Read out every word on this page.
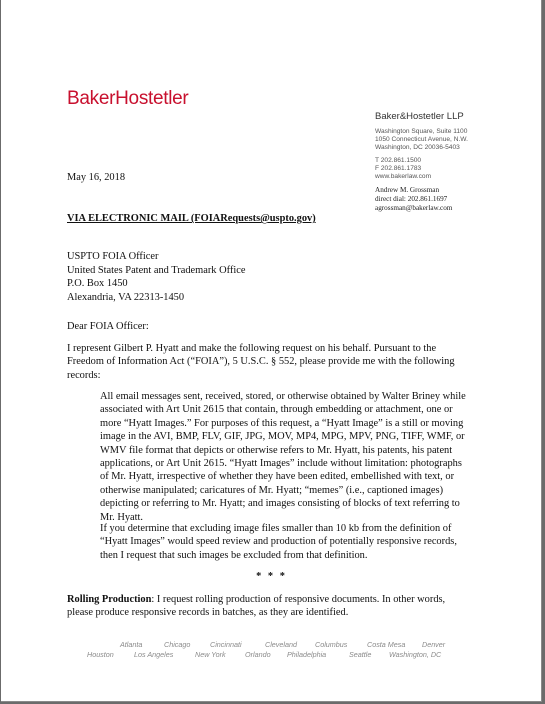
BakerHostetler
Baker&Hostetler LLP
Washington Square, Suite 1100
1050 Connecticut Avenue, N.W.
Washington, DC 20036-5403
T 202.861.1500
F 202.861.1783
www.bakerlaw.com
Andrew M. Grossman
direct dial: 202.861.1697
agrossman@bakerlaw.com
May 16, 2018
VIA ELECTRONIC MAIL (FOIARequests@uspto.gov)
USPTO FOIA Officer
United States Patent and Trademark Office
P.O. Box 1450
Alexandria, VA 22313-1450
Dear FOIA Officer:
I represent Gilbert P. Hyatt and make the following request on his behalf. Pursuant to the Freedom of Information Act (“FOIA”), 5 U.S.C. § 552, please provide me with the following records:
All email messages sent, received, stored, or otherwise obtained by Walter Briney while associated with Art Unit 2615 that contain, through embedding or attachment, one or more “Hyatt Images.” For purposes of this request, a “Hyatt Image” is a still or moving image in the AVI, BMP, FLV, GIF, JPG, MOV, MP4, MPG, MPV, PNG, TIFF, WMF, or WMV file format that depicts or otherwise refers to Mr. Hyatt, his patents, his patent applications, or Art Unit 2615. “Hyatt Images” include without limitation: photographs of Mr. Hyatt, irrespective of whether they have been edited, embellished with text, or otherwise manipulated; caricatures of Mr. Hyatt; “memes” (i.e., captioned images) depicting or referring to Mr. Hyatt; and images consisting of blocks of text referring to Mr. Hyatt.
If you determine that excluding image files smaller than 10 kb from the definition of “Hyatt Images” would speed review and production of potentially responsive records, then I request that such images be excluded from that definition.
* * *
Rolling Production: I request rolling production of responsive documents. In other words, please produce responsive records in batches, as they are identified.
Atlanta	Chicago	Cincinnati	Cleveland	Columbus	Costa Mesa Denver
Houston	Los Angeles	New York	Orlando Philadelphia	Seattle Washington, DC
